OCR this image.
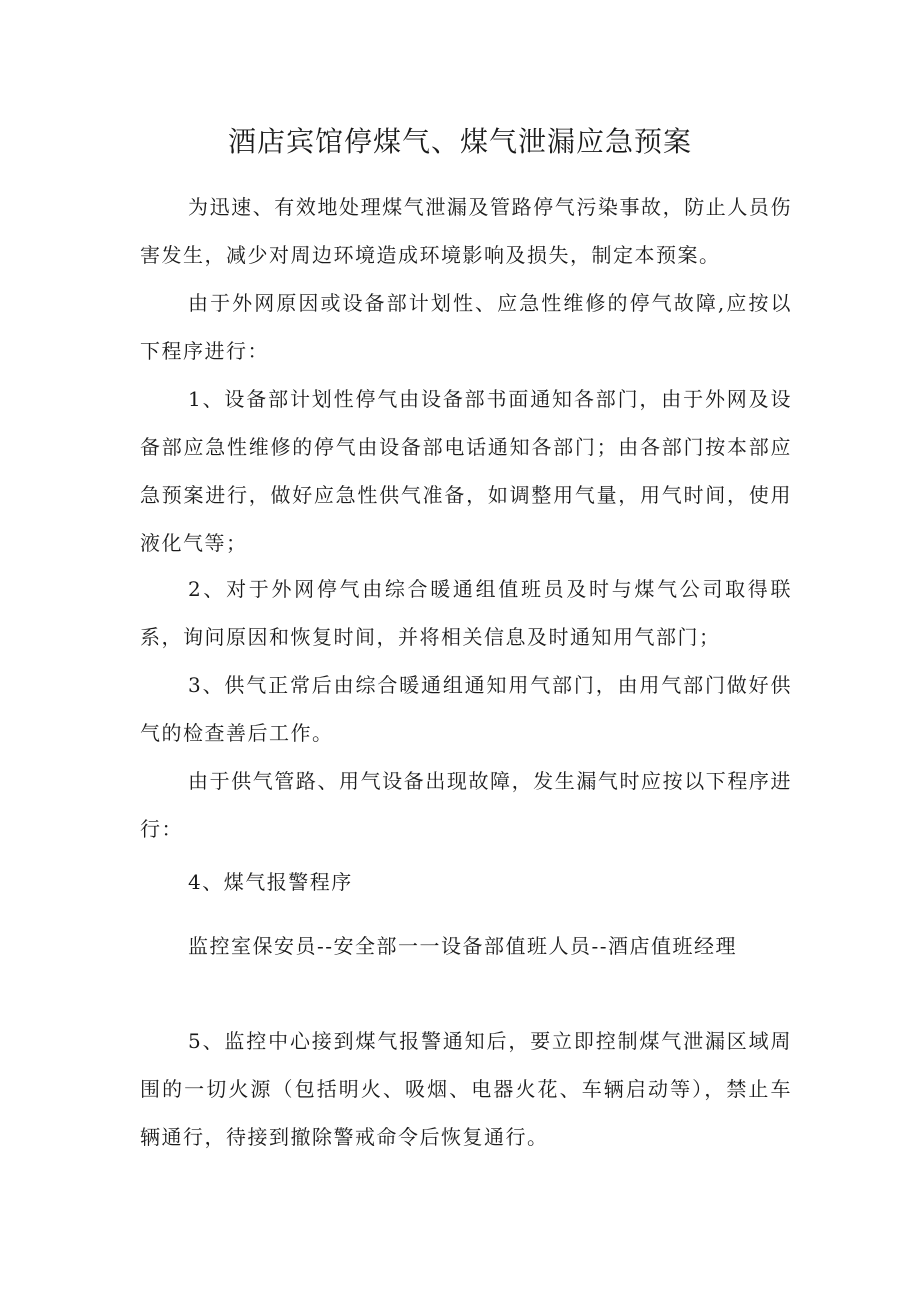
酒店宾馆停煤气、煤气泄漏应急预案

为迅速、有效地处理煤气泄漏及管路停气污染事故，防止人员伤害发生，减少对周边环境造成环境影响及损失，制定本预案。

由于外网原因或设备部计划性、应急性维修的停气故障,应按以下程序进行：

1、设备部计划性停气由设备部书面通知各部门，由于外网及设备部应急性维修的停气由设备部电话通知各部门；由各部门按本部应急预案进行，做好应急性供气准备，如调整用气量，用气时间，使用液化气等；

2、对于外网停气由综合暖通组值班员及时与煤气公司取得联系，询问原因和恢复时间，并将相关信息及时通知用气部门；

3、供气正常后由综合暖通组通知用气部门，由用气部门做好供气的检查善后工作。

由于供气管路、用气设备出现故障，发生漏气时应按以下程序进行：

4、煤气报警程序

监控室保安员--安全部一一设备部值班人员--酒店值班经理

5、监控中心接到煤气报警通知后，要立即控制煤气泄漏区域周围的一切火源（包括明火、吸烟、电器火花、车辆启动等），禁止车辆通行，待接到撤除警戒命令后恢复通行。
